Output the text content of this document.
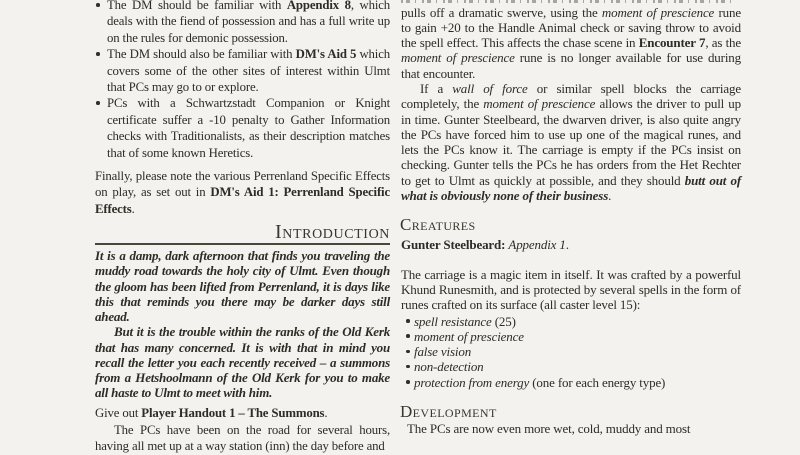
The DM should be familiar with Appendix 8, which deals with the fiend of possession and has a full write up on the rules for demonic possession.
The DM should also be familiar with DM's Aid 5 which covers some of the other sites of interest within Ulmt that PCs may go to or explore.
PCs with a Schwartzstadt Companion or Knight certificate suffer a -10 penalty to Gather Information checks with Traditionalists, as their description matches that of some known Heretics.

Finally, please note the various Perrenland Specific Effects on play, as set out in DM's Aid 1: Perrenland Specific Effects.

Introduction

It is a damp, dark afternoon that finds you traveling the muddy road towards the holy city of Ulmt. Even though the gloom has been lifted from Perrenland, it is days like this that reminds you there may be darker days still ahead.

But it is the trouble within the ranks of the Old Kerk that has many concerned. It is with that in mind you recall the letter you each recently received – a summons from a Hetshoolmann of the Old Kerk for you to make all haste to Ulmt to meet with him.

Give out Player Handout 1 – The Summons.

The PCs have been on the road for several hours, having all met up at a way station (inn) the day before and

pulls off a dramatic swerve, using the moment of prescience rune to gain +20 to the Handle Animal check or saving throw to avoid the spell effect. This affects the chase scene in Encounter 7, as the moment of prescience rune is no longer available for use during that encounter.

If a wall of force or similar spell blocks the carriage completely, the moment of prescience allows the driver to pull up in time. Gunter Steelbeard, the dwarven driver, is also quite angry the PCs have forced him to use up one of the magical runes, and lets the PCs know it. The carriage is empty if the PCs insist on checking. Gunter tells the PCs he has orders from the Het Rechter to get to Ulmt as quickly at possible, and they should butt out of what is obviously none of their business.

Creatures

Gunter Steelbeard: Appendix 1.

The carriage is a magic item in itself. It was crafted by a powerful Khund Runesmith, and is protected by several spells in the form of runes crafted on its surface (all caster level 15):

spell resistance (25)
moment of prescience
false vision
non-detection
protection from energy (one for each energy type)
Development

The PCs are now even more wet, cold, muddy and most
